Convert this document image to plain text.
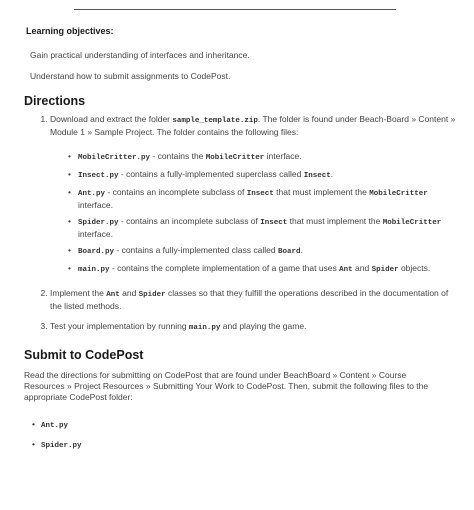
Learning objectives:
Gain practical understanding of interfaces and inheritance.
Understand how to submit assignments to CodePost.
Directions
1. Download and extract the folder sample_template.zip. The folder is found under Beach-Board » Content » Module 1 » Sample Project. The folder contains the following files:
• MobileCritter.py - contains the MobileCritter interface.
• Insect.py - contains a fully-implemented superclass called Insect.
• Ant.py - contains an incomplete subclass of Insect that must implement the MobileCritter interface.
• Spider.py - contains an incomplete subclass of Insect that must implement the MobileCritter interface.
• Board.py - contains a fully-implemented class called Board.
• main.py - contains the complete implementation of a game that uses Ant and Spider objects.
2. Implement the Ant and Spider classes so that they fulfill the operations described in the documentation of the listed methods.
3. Test your implementation by running main.py and playing the game.
Submit to CodePost

Read the directions for submitting on CodePost that are found under BeachBoard » Content » Course Resources » Project Resources » Submitting Your Work to CodePost. Then, submit the following files to the appropriate CodePost folder:

• Ant.py
• Spider.py
